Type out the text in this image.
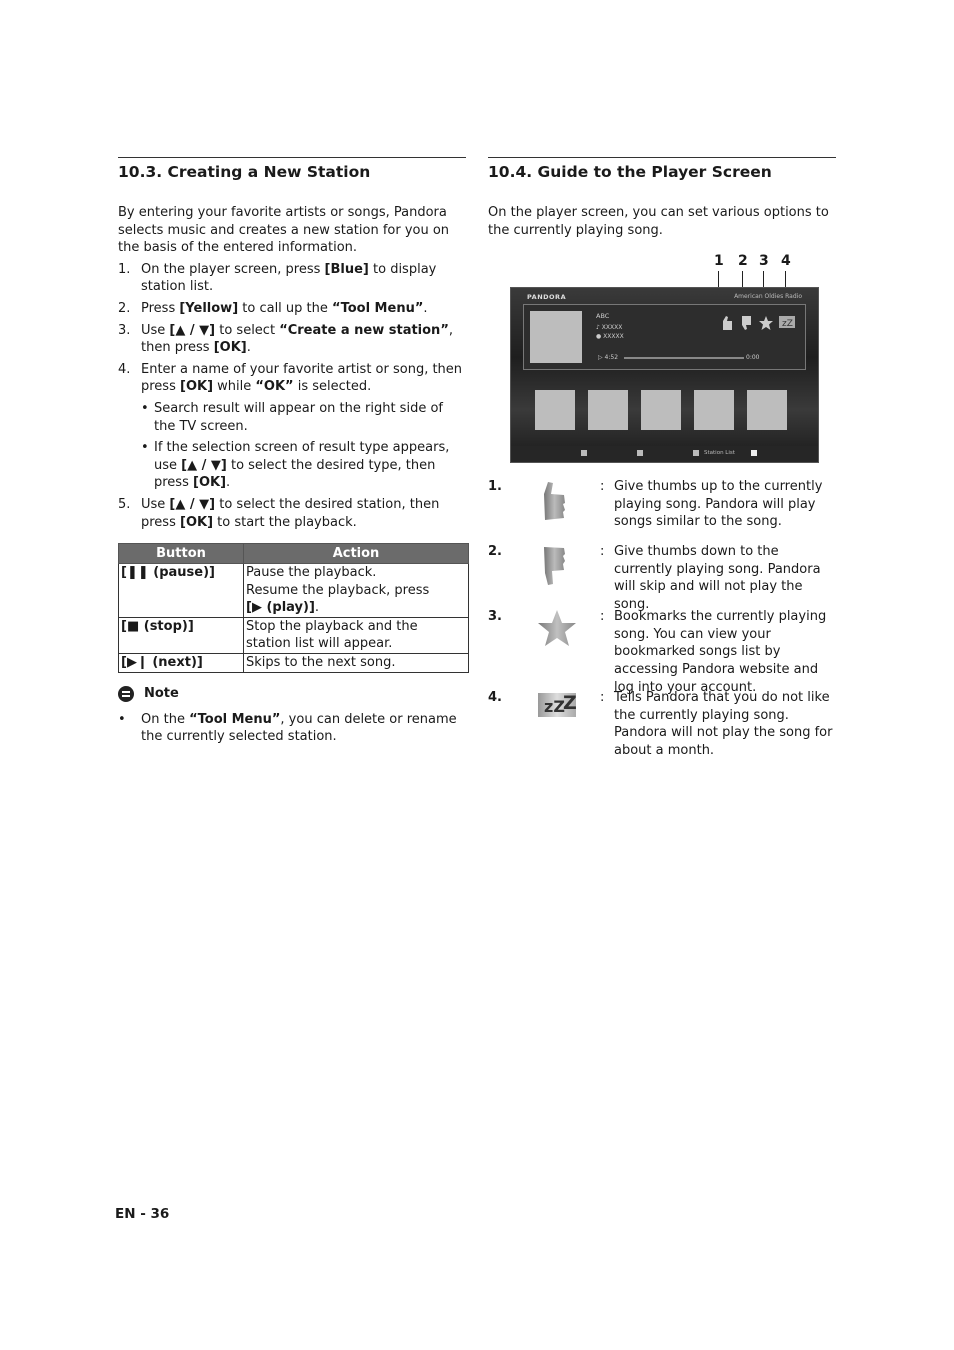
10.3. Creating a New Station

By entering your favorite artists or songs, Pandora selects music and creates a new station for you on the basis of the entered information.

1. On the player screen, press [Blue] to display station list.
2. Press [Yellow] to call up the “Tool Menu”.
3. Use [▲ / ▼] to select “Create a new station”, then press [OK].
4. Enter a name of your favorite artist or song, then press [OK] while “OK” is selected.
• Search result will appear on the right side of the TV screen.
• If the selection screen of result type appears, use [▲ / ▼] to select the desired type, then press [OK].
5. Use [▲ / ▼] to select the desired station, then press [OK] to start the playback.
Button	Action
[❚❚ (pause)]	Pause the playback.
Resume the playback, press
[▶ (play)].

[■ (stop)]	Stop the playback and the station list will appear.
[▶❙ (next)]	Skips to the next song.
Note
• On the “Tool Menu”, you can delete or rename the currently selected station.
10.4. Guide to the Player Screen

On the player screen, you can set various options to the currently playing song.

1 2 3 4
PANDORA	American Oldies Radio
ABC
♪ XXXXX
● XXXXX
▷ 4:52	0:00
zZ
Station List
1.	: Give thumbs up to the currently playing song. Pandora will play songs similar to the song.
2.	: Give thumbs down to the currently playing song. Pandora will skip and will not play the song.
3.	: Bookmarks the currently playing song. You can view your bookmarked songs list by accessing Pandora website and log into your account.
4.	zZ
Z : Tells Pandora that you do not like the currently playing song. Pandora will not play the song for about a month.
EN - 36
